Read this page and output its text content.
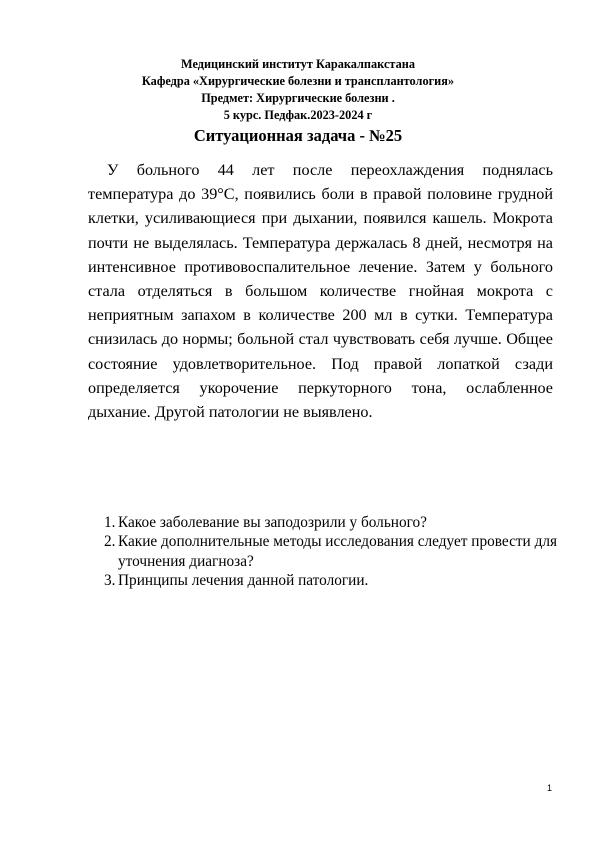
Медицинский институт Каракалпакстана
Кафедра «Хирургические болезни и трансплантология»
Предмет: Хирургические болезни .
5 курс. Педфак.2023-2024 г
Ситуационная задача - №25

У больного 44 лет после переохлаждения поднялась температура до 39°C, появились боли в правой половине грудной клетки, усиливающиеся при дыхании, появился кашель. Мокрота почти не выделялась. Температура держалась 8 дней, несмотря на интенсивное противовоспалительное лечение. Затем у больного стала отделяться в большом количестве гнойная мокрота с неприятным запахом в количестве 200 мл в сутки. Температура снизилась до нормы; больной стал чувствовать себя лучше. Общее состояние удовлетворительное. Под правой лопаткой сзади определяется укорочение перкуторного тона, ослабленное дыхание. Другой патологии не выявлено.

1. Какое заболевание вы заподозрили у больного?
2. Какие дополнительные методы исследования следует провести для уточнения диагноза?
3. Принципы лечения данной патологии.
1
